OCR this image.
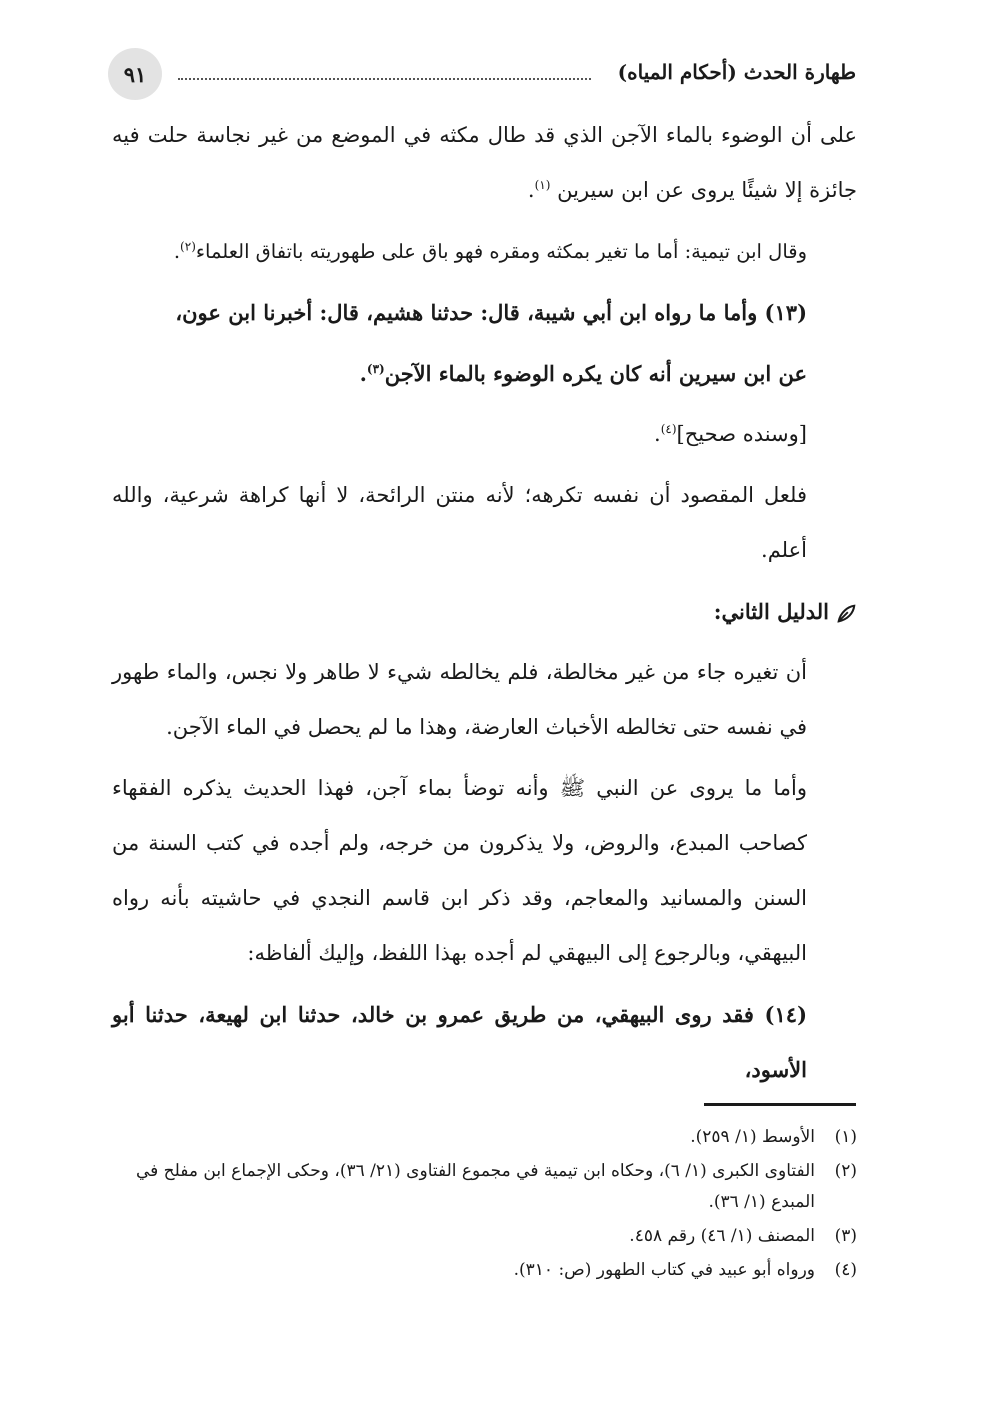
٩١	طهارة الحدث (أحكام المياه)

على أن الوضوء بالماء الآجن الذي قد طال مكثه في الموضع من غير نجاسة حلت فيه جائزة إلا شيئًا يروى عن ابن سيرين $^{(١)}$.

وقال ابن تيمية: أما ما تغير بمكثه ومقره فهو باق على طهوريته باتفاق العلماء$^{(٢)}$.

(١٣) وأما ما رواه ابن أبي شيبة، قال: حدثنا هشيم، قال: أخبرنا ابن عون،

عن ابن سيرين أنه كان يكره الوضوء بالماء الآجن$^{(٣)}$.

[وسنده صحيح]$^{(٤)}$.

فلعل المقصود أن نفسه تكرهه؛ لأنه منتن الرائحة، لا أنها كراهة شرعية، والله أعلم.

الدليل الثاني:

أن تغيره جاء من غير مخالطة، فلم يخالطه شيء لا طاهر ولا نجس، والماء طهور في نفسه حتى تخالطه الأخباث العارضة، وهذا ما لم يحصل في الماء الآجن.

وأما ما يروى عن النبي ﷺ وأنه توضأ بماء آجن، فهذا الحديث يذكره الفقهاء كصاحب المبدع، والروض، ولا يذكرون من خرجه، ولم أجده في كتب السنة من السنن والمسانيد والمعاجم، وقد ذكر ابن قاسم النجدي في حاشيته بأنه رواه البيهقي، وبالرجوع إلى البيهقي لم أجده بهذا اللفظ، وإليك ألفاظه:

(١٤) فقد روى البيهقي، من طريق عمرو بن خالد، حدثنا ابن لهيعة، حدثنا أبو الأسود،

(١)
الأوسط (١/ ٢٥٩).
(٢)
الفتاوى الكبرى (١/ ٦)، وحكاه ابن تيمية في مجموع الفتاوى (٢١/ ٣٦)، وحكى الإجماع ابن مفلح في المبدع (١/ ٣٦).
(٣)
المصنف (١/ ٤٦) رقم ٤٥٨.
(٤)
ورواه أبو عبيد في كتاب الطهور (ص: ٣١٠).
